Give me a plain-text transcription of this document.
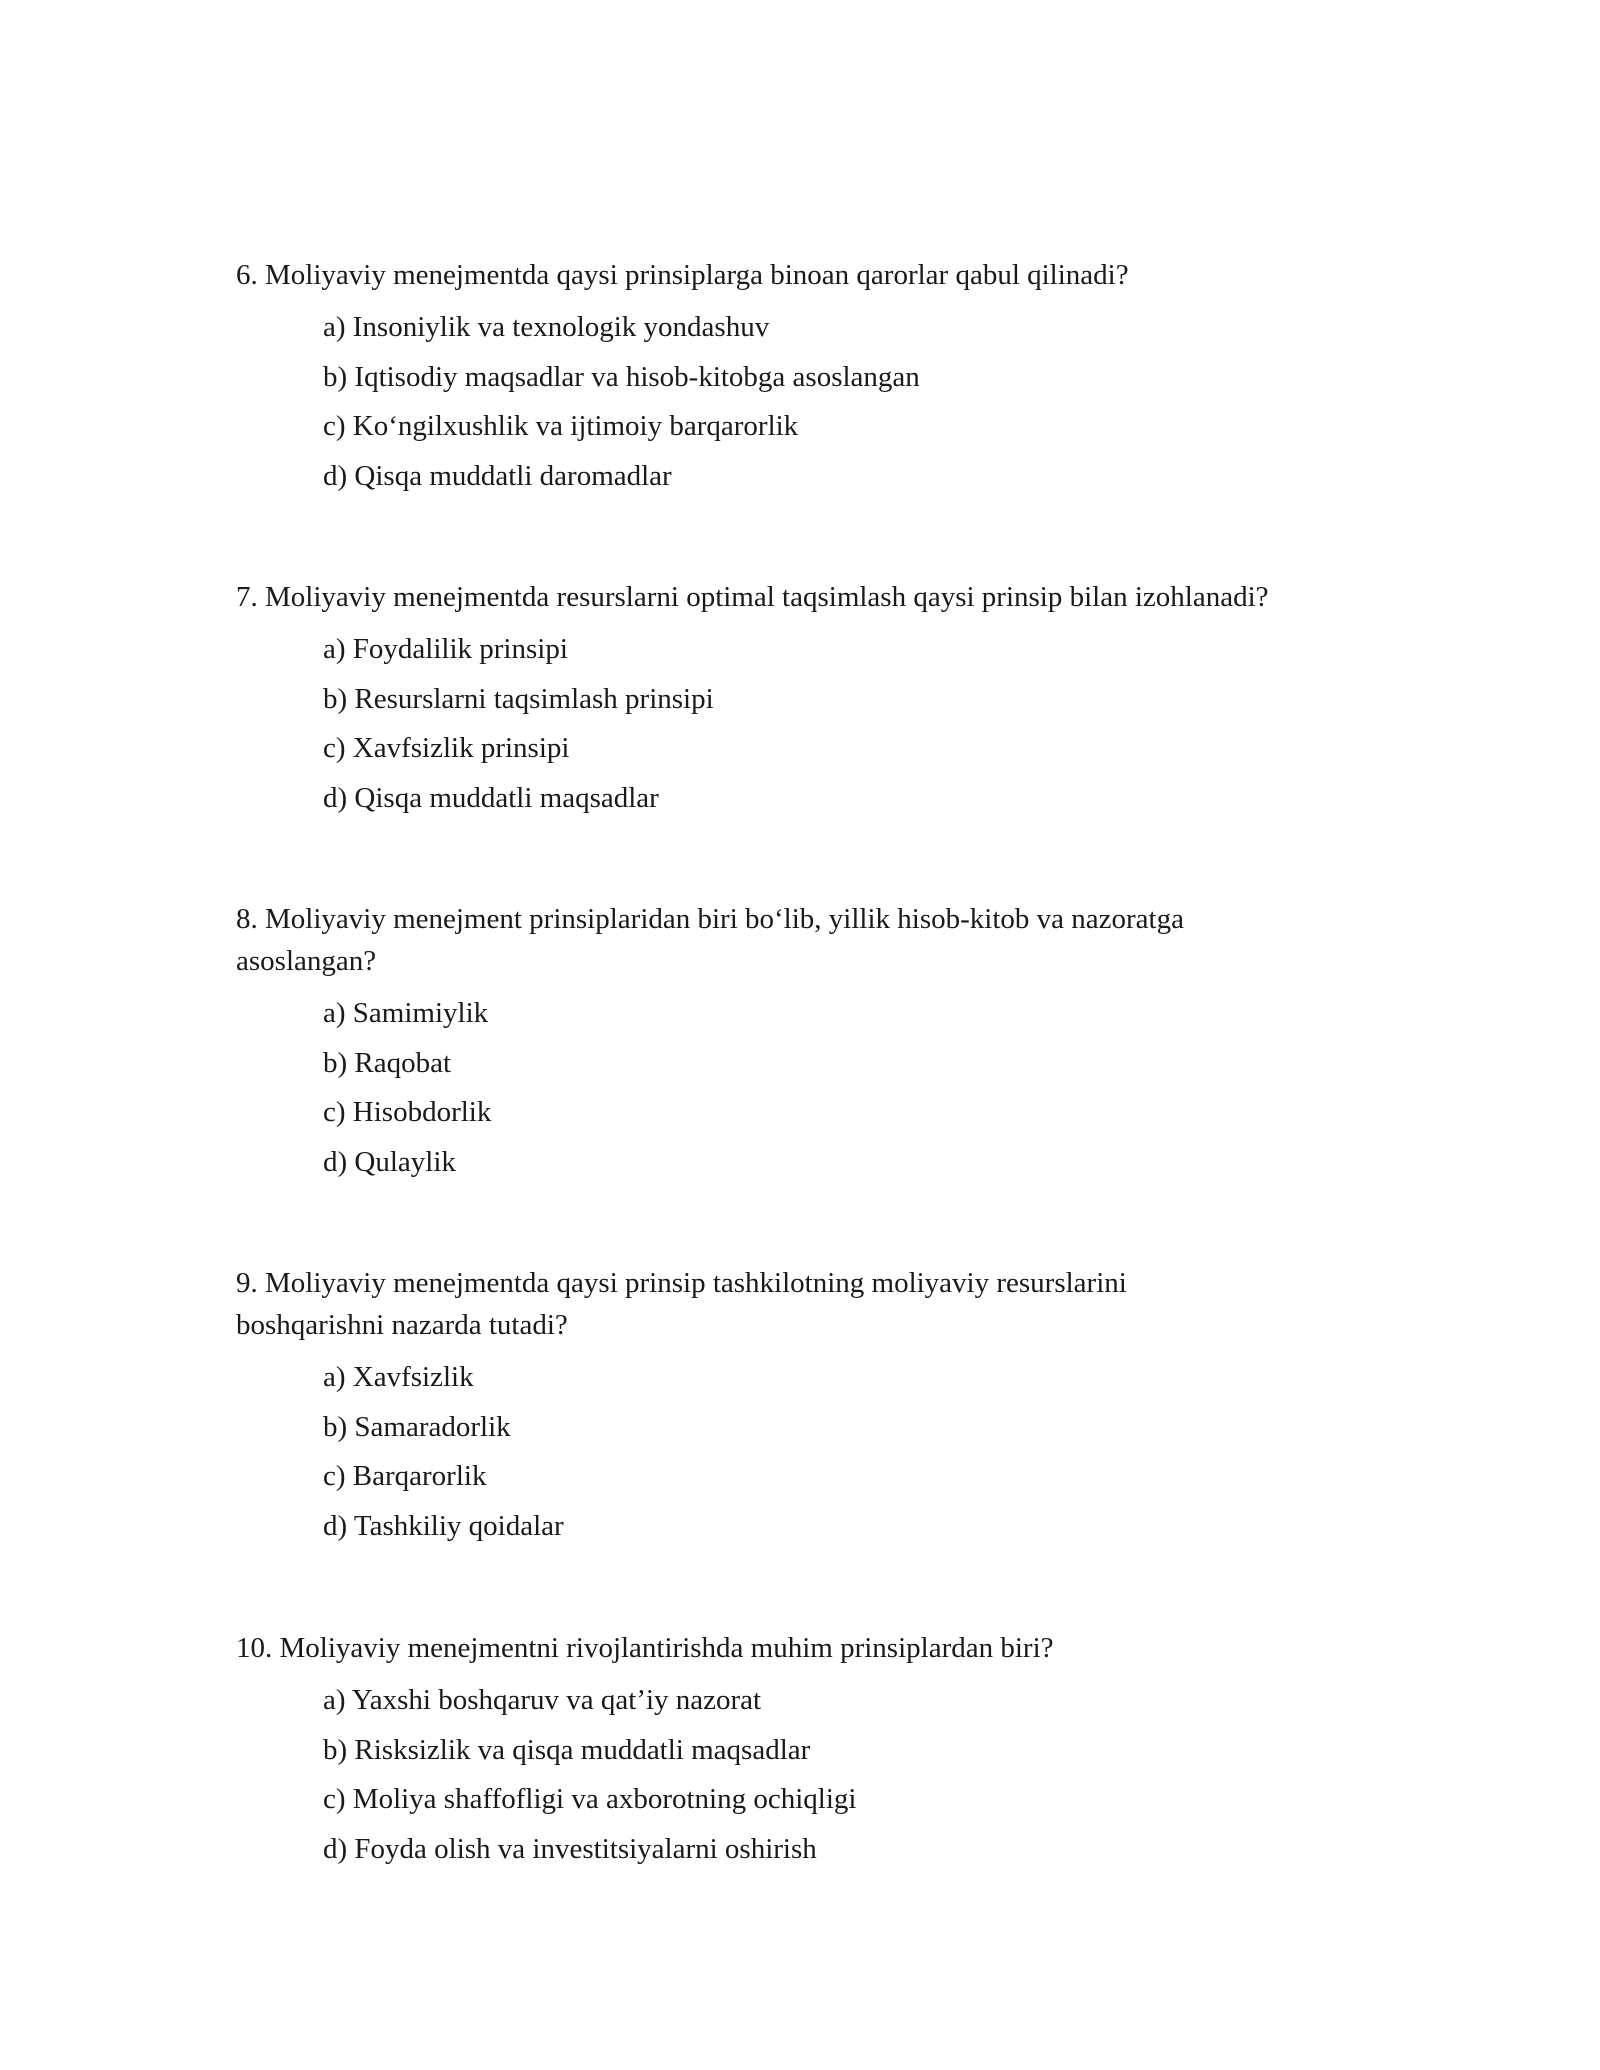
6. Moliyaviy menejmentda qaysi prinsiplarga binoan qarorlar qabul qilinadi?

a) Insoniylik va texnologik yondashuv
b) Iqtisodiy maqsadlar va hisob-kitobga asoslangan
c) Ko‘ngilxushlik va ijtimoiy barqarorlik
d) Qisqa muddatli daromadlar

7. Moliyaviy menejmentda resurslarni optimal taqsimlash qaysi prinsip bilan izohlanadi?

a) Foydalilik prinsipi
b) Resurslarni taqsimlash prinsipi
c) Xavfsizlik prinsipi
d) Qisqa muddatli maqsadlar

8. Moliyaviy menejment prinsiplaridan biri bo‘lib, yillik hisob-kitob va nazoratga
asoslangan?

a) Samimiylik
b) Raqobat
c) Hisobdorlik
d) Qulaylik

9. Moliyaviy menejmentda qaysi prinsip tashkilotning moliyaviy resurslarini
boshqarishni nazarda tutadi?

a) Xavfsizlik
b) Samaradorlik
c) Barqarorlik
d) Tashkiliy qoidalar

10. Moliyaviy menejmentni rivojlantirishda muhim prinsiplardan biri?

a) Yaxshi boshqaruv va qat’iy nazorat
b) Risksizlik va qisqa muddatli maqsadlar
c) Moliya shaffofligi va axborotning ochiqligi
d) Foyda olish va investitsiyalarni oshirish
